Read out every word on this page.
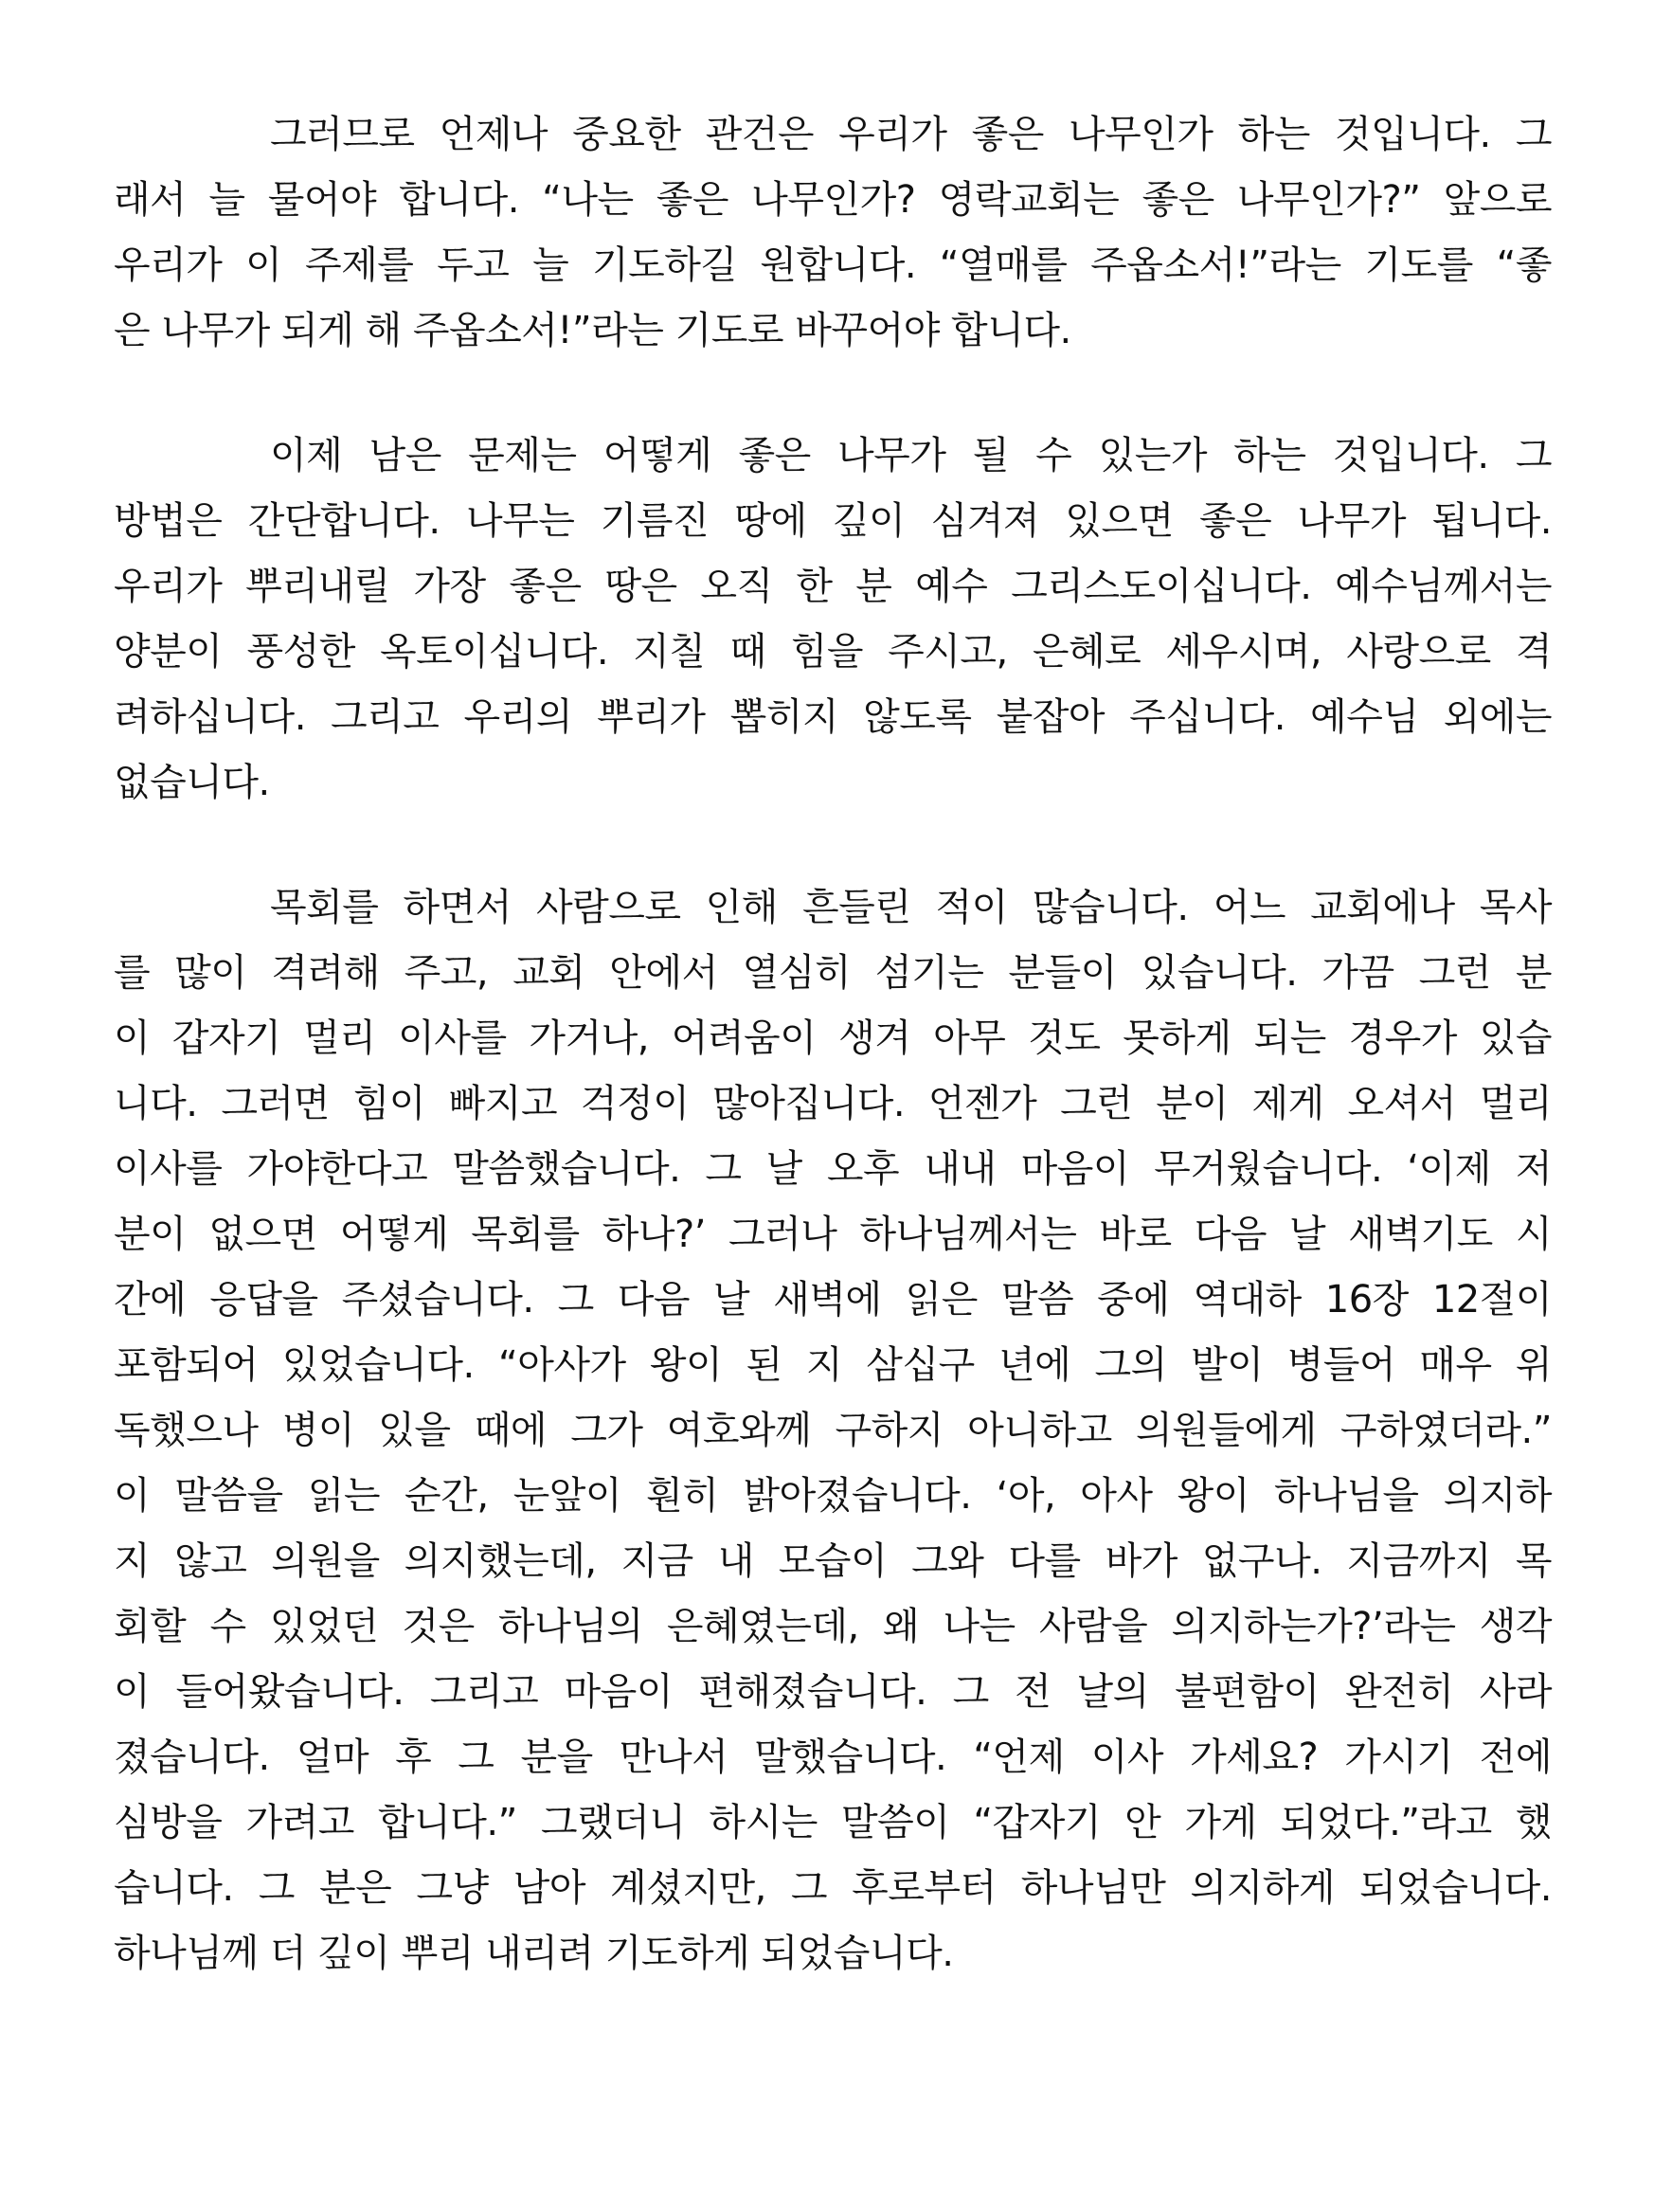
그러므로 언제나 중요한 관건은 우리가 좋은 나무인가 하는 것입니다. 그
래서 늘 물어야 합니다. “나는 좋은 나무인가? 영락교회는 좋은 나무인가?” 앞으로
우리가 이 주제를 두고 늘 기도하길 원합니다. “열매를 주옵소서!”라는 기도를 “좋
은 나무가 되게 해 주옵소서!”라는 기도로 바꾸어야 합니다.
이제 남은 문제는 어떻게 좋은 나무가 될 수 있는가 하는 것입니다. 그
방법은 간단합니다. 나무는 기름진 땅에 깊이 심겨져 있으면 좋은 나무가 됩니다.
우리가 뿌리내릴 가장 좋은 땅은 오직 한 분 예수 그리스도이십니다. 예수님께서는
양분이 풍성한 옥토이십니다. 지칠 때 힘을 주시고, 은혜로 세우시며, 사랑으로 격
려하십니다. 그리고 우리의 뿌리가 뽑히지 않도록 붙잡아 주십니다. 예수님 외에는
없습니다.
목회를 하면서 사람으로 인해 흔들린 적이 많습니다. 어느 교회에나 목사
를 많이 격려해 주고, 교회 안에서 열심히 섬기는 분들이 있습니다. 가끔 그런 분
이 갑자기 멀리 이사를 가거나, 어려움이 생겨 아무 것도 못하게 되는 경우가 있습
니다. 그러면 힘이 빠지고 걱정이 많아집니다. 언젠가 그런 분이 제게 오셔서 멀리
이사를 가야한다고 말씀했습니다. 그 날 오후 내내 마음이 무거웠습니다. ‘이제 저
분이 없으면 어떻게 목회를 하나?’ 그러나 하나님께서는 바로 다음 날 새벽기도 시
간에 응답을 주셨습니다. 그 다음 날 새벽에 읽은 말씀 중에 역대하 16장 12절이
포함되어 있었습니다. “아사가 왕이 된 지 삼십구 년에 그의 발이 병들어 매우 위
독했으나 병이 있을 때에 그가 여호와께 구하지 아니하고 의원들에게 구하였더라.”
이 말씀을 읽는 순간, 눈앞이 훤히 밝아졌습니다. ‘아, 아사 왕이 하나님을 의지하
지 않고 의원을 의지했는데, 지금 내 모습이 그와 다를 바가 없구나. 지금까지 목
회할 수 있었던 것은 하나님의 은혜였는데, 왜 나는 사람을 의지하는가?’라는 생각
이 들어왔습니다. 그리고 마음이 편해졌습니다. 그 전 날의 불편함이 완전히 사라
졌습니다. 얼마 후 그 분을 만나서 말했습니다. “언제 이사 가세요? 가시기 전에
심방을 가려고 합니다.” 그랬더니 하시는 말씀이 “갑자기 안 가게 되었다.”라고 했
습니다. 그 분은 그냥 남아 계셨지만, 그 후로부터 하나님만 의지하게 되었습니다.
하나님께 더 깊이 뿌리 내리려 기도하게 되었습니다.
